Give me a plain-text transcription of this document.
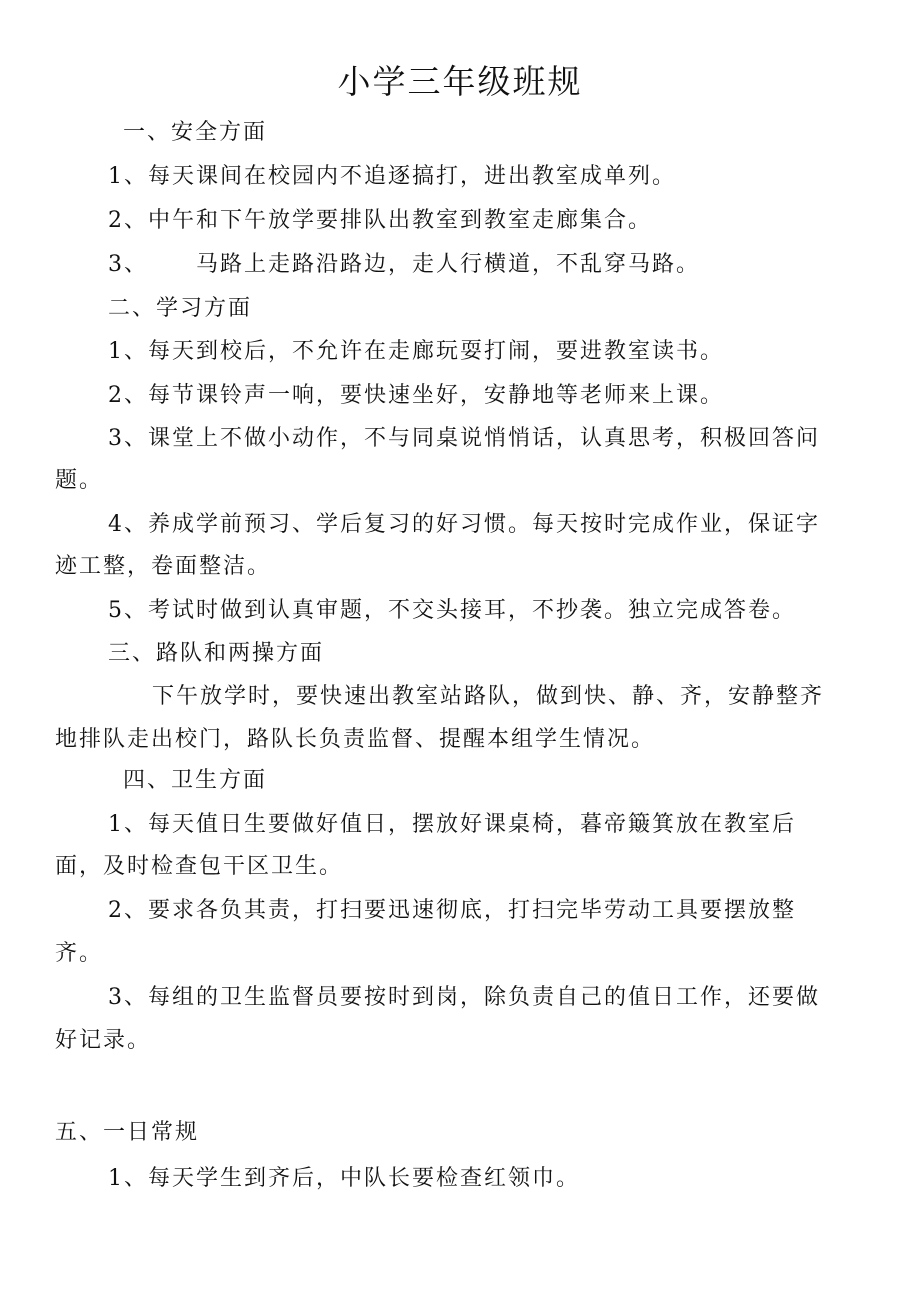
小学三年级班规

一、安全方面

1、每天课间在校园内不追逐搞打，进出教室成单列。

2、中午和下午放学要排队出教室到教室走廊集合。

3、 马路上走路沿路边，走人行横道，不乱穿马路。

二、学习方面

1、每天到校后，不允许在走廊玩耍打闹，要进教室读书。

2、每节课铃声一响，要快速坐好，安静地等老师来上课。

3、课堂上不做小动作，不与同桌说悄悄话，认真思考，积极回答问

题。

4、养成学前预习、学后复习的好习惯。每天按时完成作业，保证字

迹工整，卷面整洁。

5、考试时做到认真审题，不交头接耳，不抄袭。独立完成答卷。

三、路队和两操方面

下午放学时，要快速出教室站路队，做到快、静、齐，安静整齐

地排队走出校门，路队长负责监督、提醒本组学生情况。

四、卫生方面

1、每天值日生要做好值日，摆放好课桌椅，暮帝簸箕放在教室后

面，及时检查包干区卫生。

2、要求各负其责，打扫要迅速彻底，打扫完毕劳动工具要摆放整

齐。

3、每组的卫生监督员要按时到岗，除负责自己的值日工作，还要做

好记录。

五、一日常规

1、每天学生到齐后，中队长要检查红领巾。
